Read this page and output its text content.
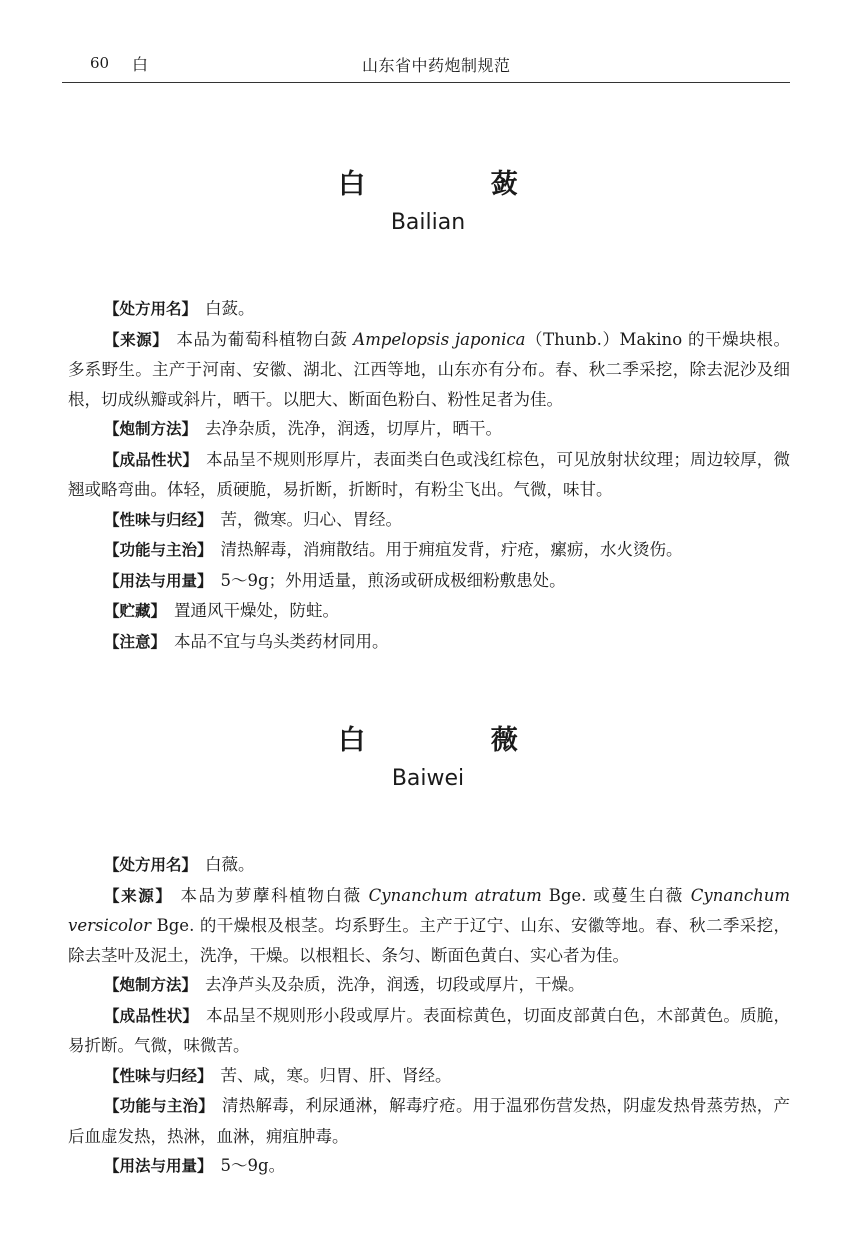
60 白	山东省中药炮制规范
白 蔹
Bailian

【处方用名】 白蔹。

【来源】 本品为葡萄科植物白蔹 Ampelopsis japonica（Thunb.）Makino 的干燥块根。多系野生。主产于河南、安徽、湖北、江西等地，山东亦有分布。春、秋二季采挖，除去泥沙及细根，切成纵瓣或斜片，晒干。以肥大、断面色粉白、粉性足者为佳。

【炮制方法】 去净杂质，洗净，润透，切厚片，晒干。

【成品性状】 本品呈不规则形厚片，表面类白色或浅红棕色，可见放射状纹理；周边较厚，微翘或略弯曲。体轻，质硬脆，易折断，折断时，有粉尘飞出。气微，味甘。

【性味与归经】 苦，微寒。归心、胃经。

【功能与主治】 清热解毒，消痈散结。用于痈疽发背，疔疮，瘰疬，水火烫伤。

【用法与用量】 5～9g；外用适量，煎汤或研成极细粉敷患处。

【贮藏】 置通风干燥处，防蛀。

【注意】 本品不宜与乌头类药材同用。

白 薇
Baiwei

【处方用名】 白薇。

【来源】 本品为萝藦科植物白薇 Cynanchum atratum Bge. 或蔓生白薇 Cynanchum versicolor Bge. 的干燥根及根茎。均系野生。主产于辽宁、山东、安徽等地。春、秋二季采挖，除去茎叶及泥土，洗净，干燥。以根粗长、条匀、断面色黄白、实心者为佳。

【炮制方法】 去净芦头及杂质，洗净，润透，切段或厚片，干燥。

【成品性状】 本品呈不规则形小段或厚片。表面棕黄色，切面皮部黄白色，木部黄色。质脆，易折断。气微，味微苦。

【性味与归经】 苦、咸，寒。归胃、肝、肾经。

【功能与主治】 清热解毒，利尿通淋，解毒疗疮。用于温邪伤营发热，阴虚发热骨蒸劳热，产后血虚发热，热淋，血淋，痈疽肿毒。

【用法与用量】 5～9g。
